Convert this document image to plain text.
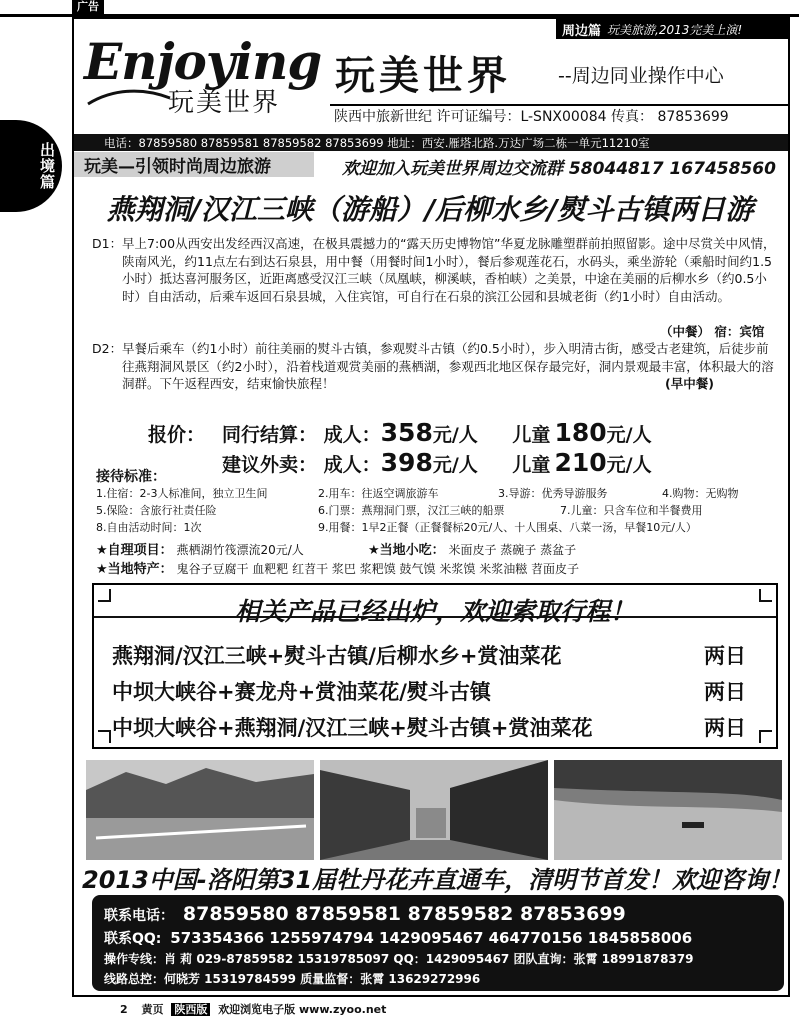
广告
出境篇
周边篇 玩美旅游,2013完美上演!
Enjoying
玩美世界
玩美世界 --周边同业操作中心
陕西中旅新世纪 许可证编号：L-SNX00084 传真： 87853699
电话：87859580 87859581 87859582 87853699 地址：西安.雁塔北路.万达广场二栋一单元11210室
玩美—引领时尚周边旅游	欢迎加入玩美世界周边交流群 58044817 167458560
燕翔洞/汉江三峡（游船）/后柳水乡/熨斗古镇两日游
D1： 早上7:00从西安出发经西汉高速，在极具震撼力的“露天历史博物馆”华夏龙脉雕塑群前拍照留影。途中尽赏关中风情，陕南风光，约11点左右到达石泉县，用中餐（用餐时间1小时），餐后参观莲花石，水码头，乘坐游轮（乘船时间约1.5小时）抵达喜河服务区，近距离感受汉江三峡（凤凰峡，柳溪峡，香柏峡）之美景，中途在美丽的后柳水乡（约0.5小时）自由活动，后乘车返回石泉县城，入住宾馆，可自行在石泉的滨江公园和县城老街（约1小时）自由活动。
（中餐） 宿：宾馆
D2： 早餐后乘车（约1小时）前往美丽的熨斗古镇，参观熨斗古镇（约0.5小时），步入明清古街，感受古老建筑，后徒步前往燕翔洞风景区（约2小时），沿着栈道观赏美丽的燕栖湖，参观西北地区保存最完好，洞内景观最丰富，体积最大的溶洞群。下午返程西安，结束愉快旅程！	(早中餐)
报价： 同行结算： 成人：358元/人 儿童 180元/人
建议外卖： 成人：398元/人 儿童 210元/人
接待标准：
1.住宿：2-3人标准间，独立卫生间	2.用车：往返空调旅游车	3.导游：优秀导游服务	4.购物：无购物
5.保险：含旅行社责任险	6.门票：燕翔洞门票，汉江三峡的船票	7.儿童：只含车位和半餐费用
8.自由活动时间：1次	9.用餐：1早2正餐（正餐餐标20元/人、十人围桌、八菜一汤，早餐10元/人）
★自理项目： 燕栖湖竹筏漂流20元/人	★当地小吃： 米面皮子 蒸碗子 蒸盆子
★当地特产： 鬼谷子豆腐干 血粑粑 红苕干 浆巴 浆粑馍 鼓气馍 米浆馍 米浆油糍 苕面皮子
相关产品已经出炉，欢迎索取行程！
燕翔洞/汉江三峡+熨斗古镇/后柳水乡+赏油菜花	两日
中坝大峡谷+赛龙舟+赏油菜花/熨斗古镇	两日
中坝大峡谷+燕翔洞/汉江三峡+熨斗古镇+赏油菜花	两日
2013中国-洛阳第31届牡丹花卉直通车，清明节首发！欢迎咨询！
联系电话： 87859580 87859581 87859582 87853699
联系QQ: 573354366 1255974794 1429095467 464770156 1845858006
操作专线：肖 莉 029-87859582 15319785097 QQ：1429095467 团队直询：张霄 18991878379
线路总控：何晓芳 15319784599 质量监督：张霄 13629272996
2 黄页 陕西版 欢迎浏览电子版 www.zyoo.net
